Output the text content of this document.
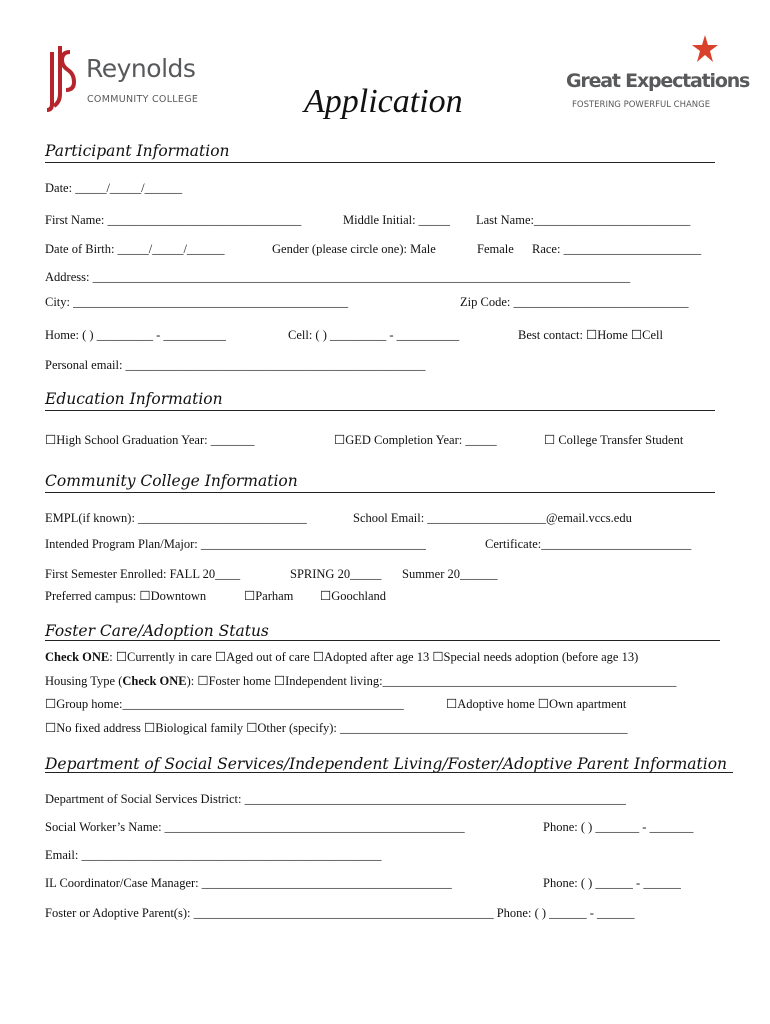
Reynolds
COMMUNITY COLLEGE	Application
Great Expectations
FOSTERING POWERFUL CHANGE
Participant Information
Date: _____/_____/______
First Name: _______________________________	Middle Initial: _____ Last Name:_________________________
Date of Birth: _____/_____/______	Gender (please circle one): Male	Female Race: ______________________
Address: ______________________________________________________________________________________
City: ____________________________________________	Zip Code: ____________________________
Home: ( ) _________ - __________	Cell: ( ) _________ - __________	Best contact: ☐Home ☐Cell
Personal email: ________________________________________________
Education Information
☐High School Graduation Year: _______	☐GED Completion Year: _____	☐ College Transfer Student
Community College Information
EMPL(if known): ___________________________	School Email: ___________________@email.vccs.edu
Intended Program Plan/Major: ____________________________________	Certificate:________________________
First Semester Enrolled: FALL 20____	SPRING 20_____ Summer 20______
Preferred campus: ☐Downtown	☐Parham ☐Goochland
Foster Care/Adoption Status
Check ONE: ☐Currently in care ☐Aged out of care ☐Adopted after age 13 ☐Special needs adoption (before age 13)
Housing Type (Check ONE): ☐Foster home ☐Independent living:_______________________________________________
☐Group home:_____________________________________________	☐Adoptive home ☐Own apartment
☐No fixed address ☐Biological family ☐Other (specify): ______________________________________________
Department of Social Services/Independent Living/Foster/Adoptive Parent Information
Department of Social Services District: _____________________________________________________________
Social Worker’s Name: ________________________________________________	Phone: ( ) _______ - _______
Email: ________________________________________________
IL Coordinator/Case Manager: ________________________________________	Phone: ( ) ______ - ______
Foster or Adoptive Parent(s): ________________________________________________ Phone: ( ) ______ - ______
